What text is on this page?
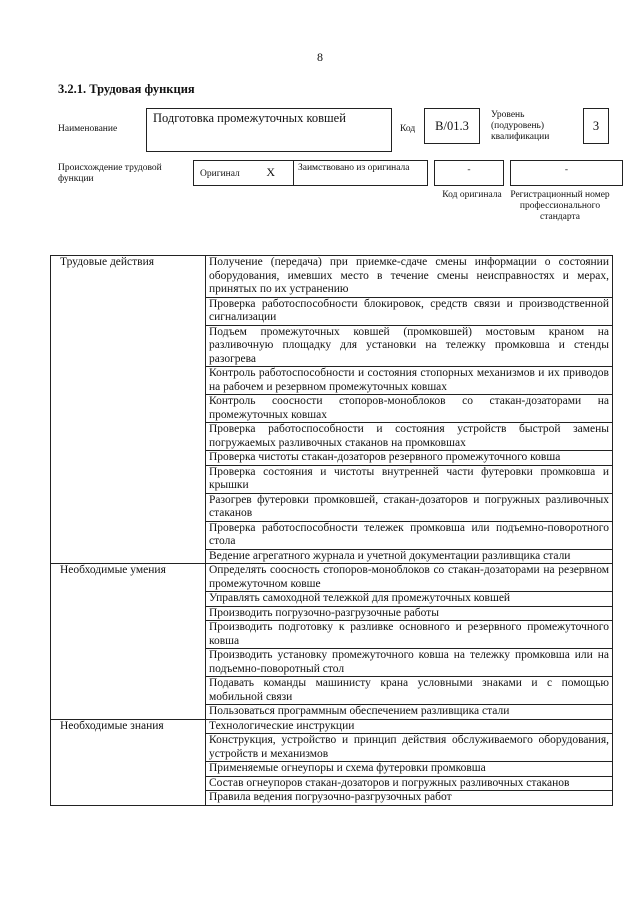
8
3.2.1. Трудовая функция
Наименование
Подготовка промежуточных ковшей
Код	В/01.3
Уровень (подуровень) квалификации
3
Происхождение трудовой функции	Оригинал Х	Заимствовано из оригинала	-	-
Код оригинала Регистрационный номер профессионального стандарта
Трудовые действия	Получение (передача) при приемке-сдаче смены информации о состоянии оборудования, имевших место в течение смены неисправностях и мерах, принятых по их устранению
	Проверка работоспособности блокировок, средств связи и производственной сигнализации
	Подъем промежуточных ковшей (промковшей) мостовым краном на разливочную площадку для установки на тележку промковша и стенды разогрева
	Контроль работоспособности и состояния стопорных механизмов и их приводов на рабочем и резервном промежуточных ковшах
	Контроль соосности стопоров-моноблоков со стакан-дозаторами на промежуточных ковшах
	Проверка работоспособности и состояния устройств быстрой замены погружаемых разливочных стаканов на промковшах
	Проверка чистоты стакан-дозаторов резервного промежуточного ковша
	Проверка состояния и чистоты внутренней части футеровки промковша и крышки
	Разогрев футеровки промковшей, стакан-дозаторов и погружных разливочных стаканов
	Проверка работоспособности тележек промковша или подъемно-поворотного стола
	Ведение агрегатного журнала и учетной документации разливщика стали
Необходимые умения	Определять соосность стопоров-моноблоков со стакан-дозаторами на резервном промежуточном ковше
	Управлять самоходной тележкой для промежуточных ковшей
	Производить погрузочно-разгрузочные работы
	Производить подготовку к разливке основного и резервного промежуточного ковша
	Производить установку промежуточного ковша на тележку промковша или на подъемно-поворотный стол
	Подавать команды машинисту крана условными знаками и с помощью мобильной связи
	Пользоваться программным обеспечением разливщика стали
Необходимые знания	Технологические инструкции
	Конструкция, устройство и принцип действия обслуживаемого оборудования, устройств и механизмов
	Применяемые огнеупоры и схема футеровки промковша
	Состав огнеупоров стакан-дозаторов и погружных разливочных стаканов
	Правила ведения погрузочно-разгрузочных работ
